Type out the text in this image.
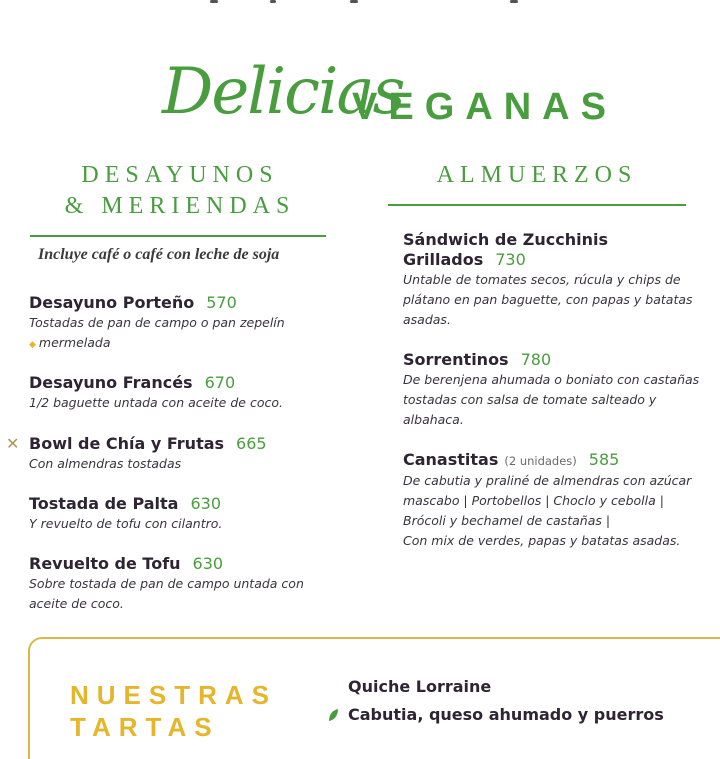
Delicias
VEGANAS
DESAYUNOS
& MERIENDAS
Incluye café o café con leche de soja
Desayuno Porteño 570
Tostadas de pan de campo o pan zepelín
◆ mermelada
Desayuno Francés 670
1/2 baguette untada con aceite de coco.
✕ Bowl de Chía y Frutas 665
Con almendras tostadas
Tostada de Palta 630
Y revuelto de tofu con cilantro.
Revuelto de Tofu 630
Sobre tostada de pan de campo untada con
aceite de coco.
ALMUERZOS
Sándwich de Zucchinis
Grillados 730
Untable de tomates secos, rúcula y chips de
plátano en pan baguette, con papas y batatas
asadas.
Sorrentinos 780
De berenjena ahumada o boniato con castañas
tostadas con salsa de tomate salteado y
albahaca.
Canastitas (2 unidades) 585
De cabutia y praliné de almendras con azúcar
mascabo | Portobellos | Choclo y cebolla |
Brócoli y bechamel de castañas |
Con mix de verdes, papas y batatas asadas.
NUESTRAS
TARTAS
Quiche Lorraine
Cabutia, queso ahumado y puerros
